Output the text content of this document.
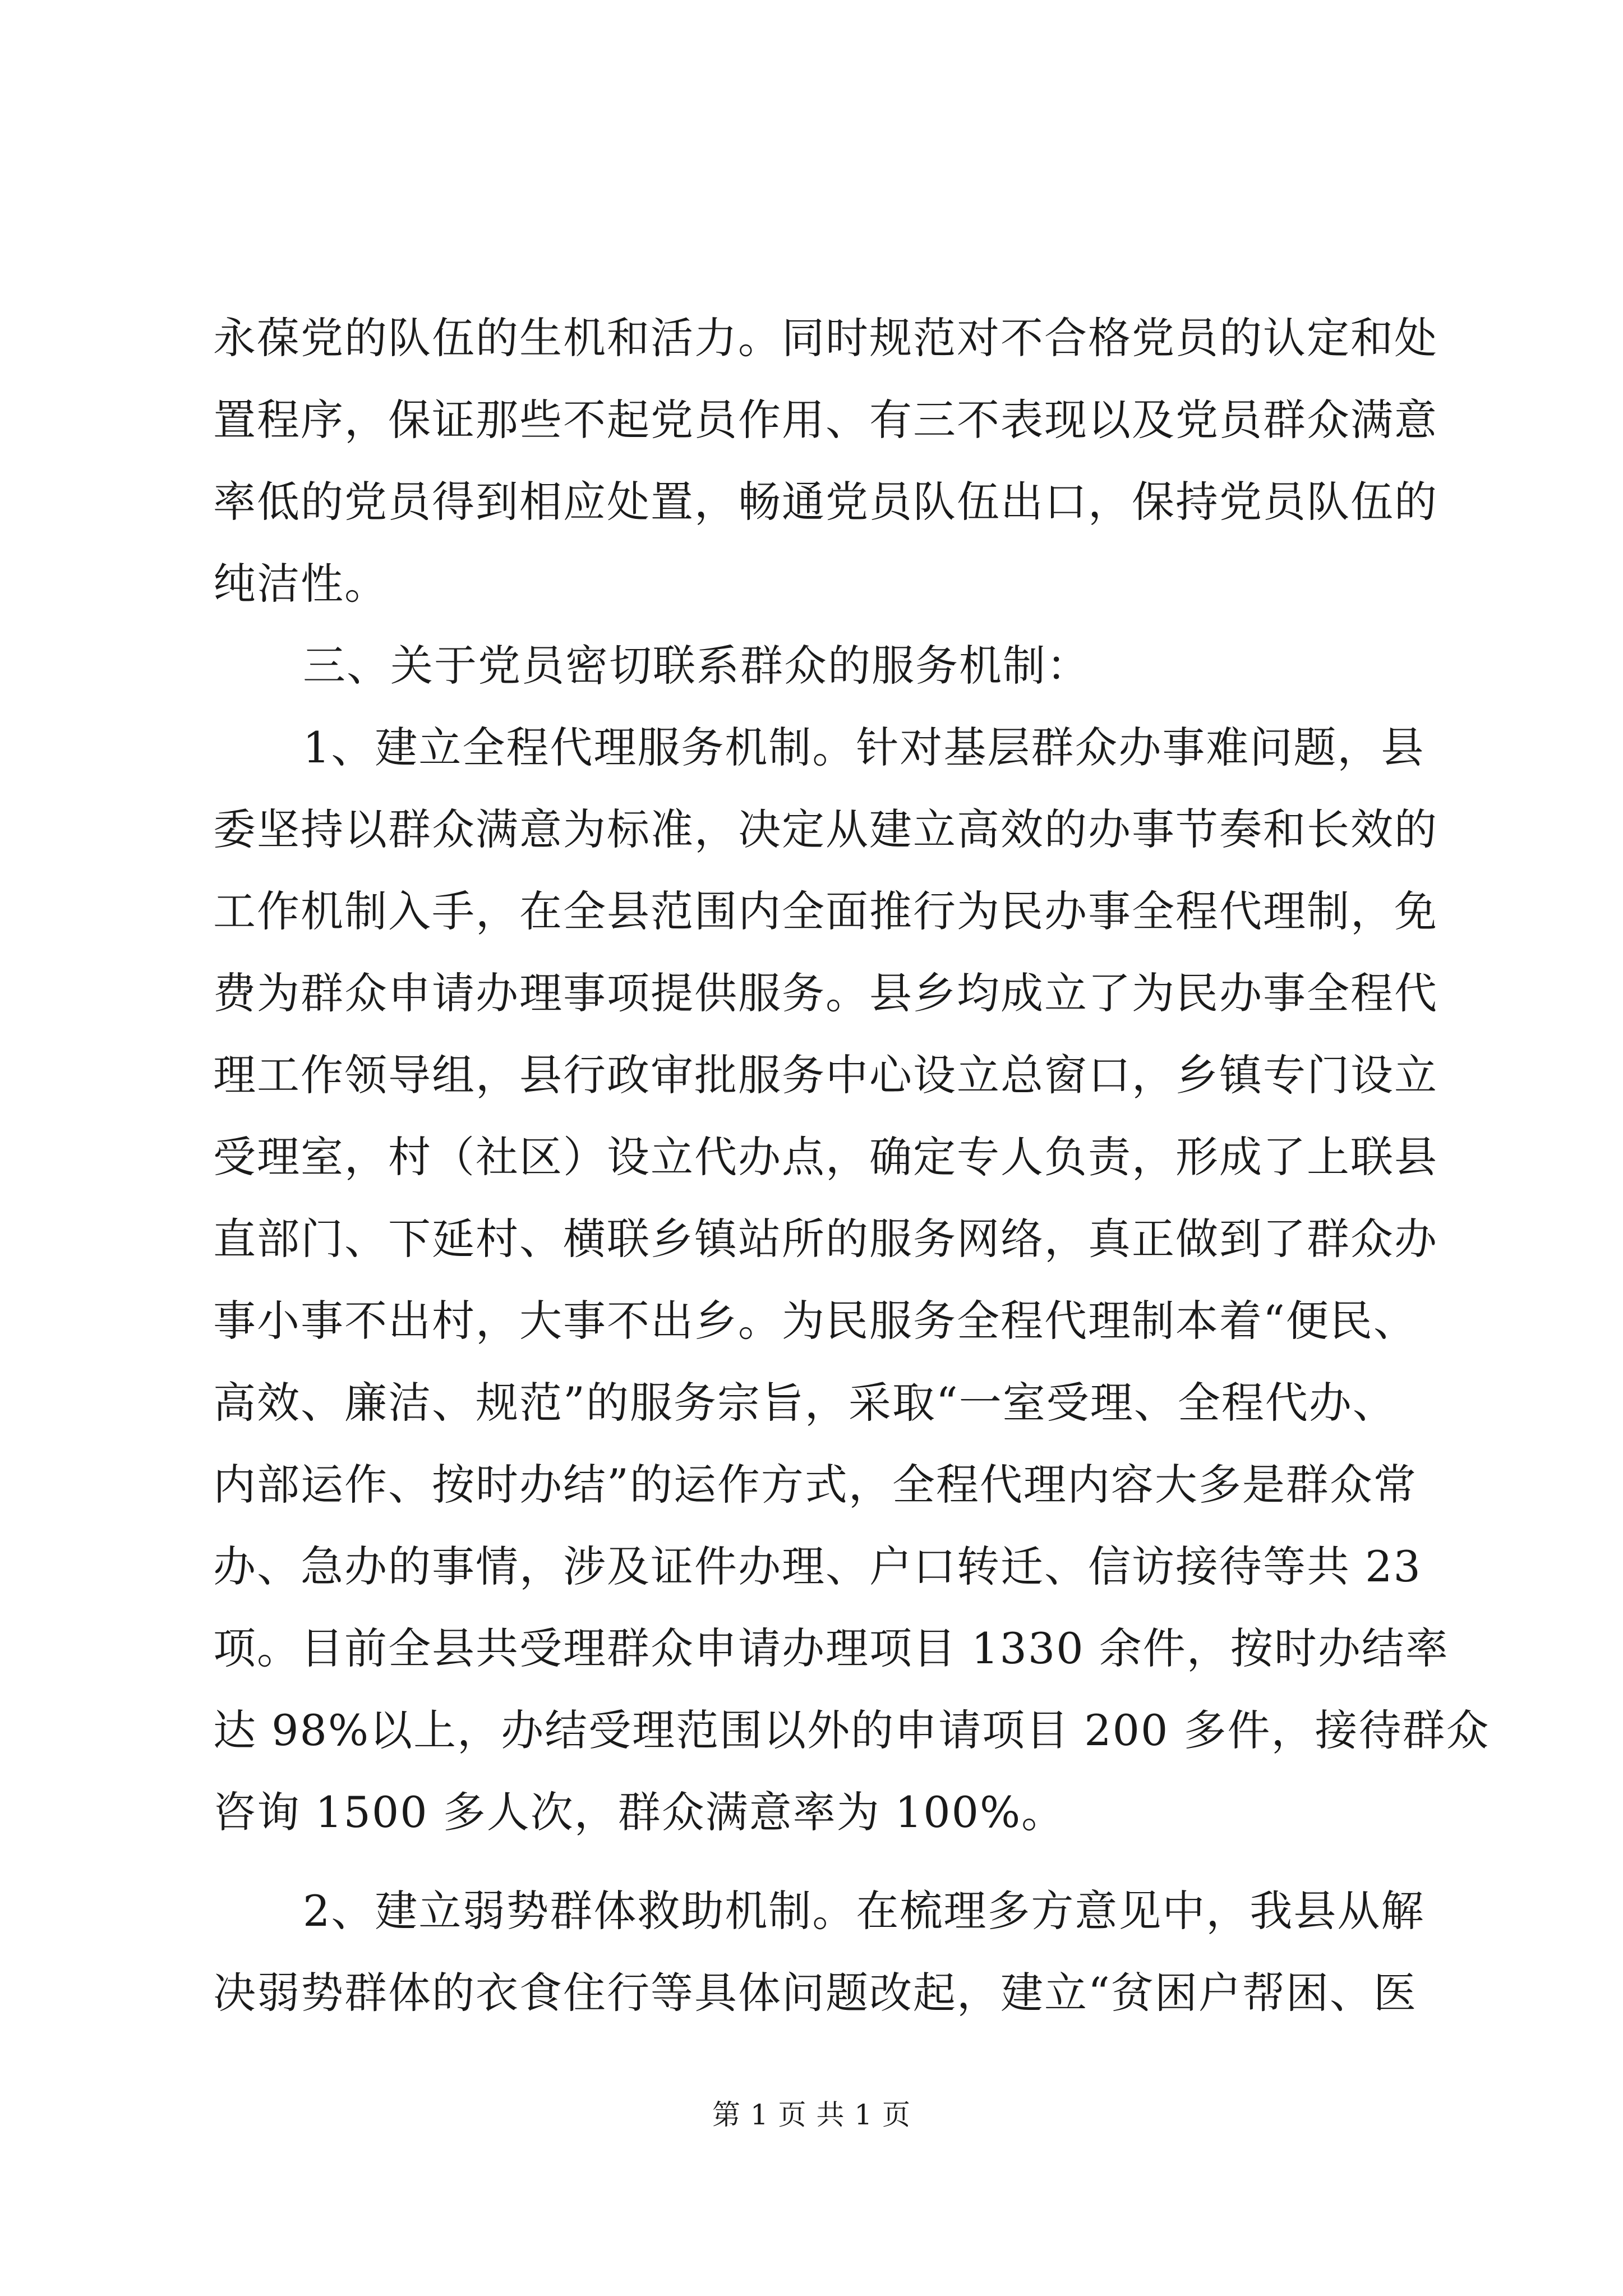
永葆党的队伍的生机和活力。同时规范对不合格党员的认定和处
置程序，保证那些不起党员作用、有三不表现以及党员群众满意
率低的党员得到相应处置，畅通党员队伍出口，保持党员队伍的
纯洁性。
三、关于党员密切联系群众的服务机制：
1、建立全程代理服务机制。针对基层群众办事难问题，县
委坚持以群众满意为标准，决定从建立高效的办事节奏和长效的
工作机制入手，在全县范围内全面推行为民办事全程代理制，免
费为群众申请办理事项提供服务。县乡均成立了为民办事全程代
理工作领导组，县行政审批服务中心设立总窗口，乡镇专门设立
受理室，村（社区）设立代办点，确定专人负责，形成了上联县
直部门、下延村、横联乡镇站所的服务网络，真正做到了群众办
事小事不出村，大事不出乡。为民服务全程代理制本着“便民、
高效、廉洁、规范”的服务宗旨，采取“一室受理、全程代办、
内部运作、按时办结”的运作方式，全程代理内容大多是群众常
办、急办的事情，涉及证件办理、户口转迁、信访接待等共 23
项。目前全县共受理群众申请办理项目 1330 余件，按时办结率
达 98%以上，办结受理范围以外的申请项目 200 多件，接待群众
咨询 1500 多人次，群众满意率为 100%。
2、建立弱势群体救助机制。在梳理多方意见中，我县从解
决弱势群体的衣食住行等具体问题改起，建立“贫困户帮困、医
第 1 页 共 1 页
